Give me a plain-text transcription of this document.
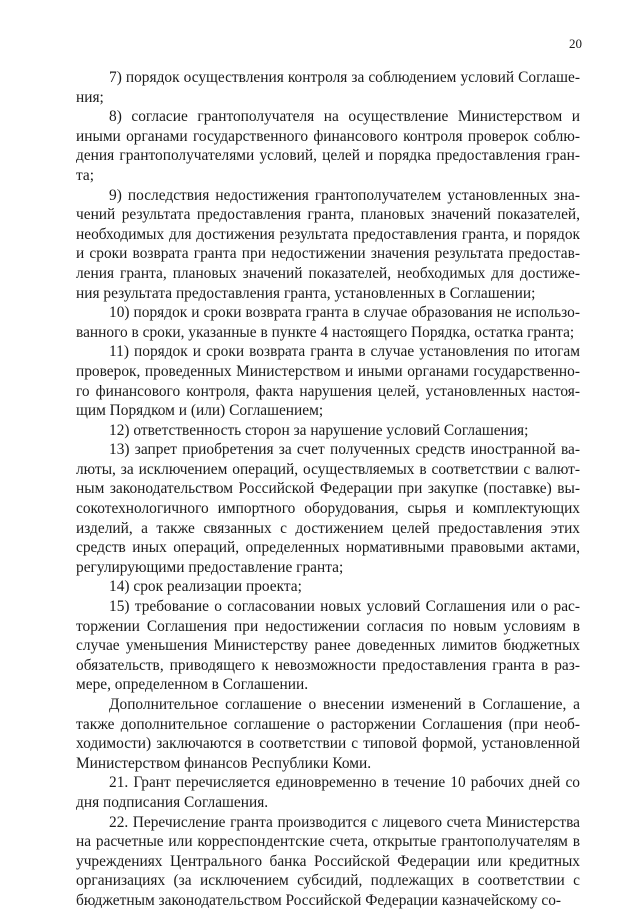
20

7) порядок осуществления контроля за соблюдением условий Соглашения;

8) согласие грантополучателя на осуществление Министерством и иными органами государственного финансового контроля проверок соблюдения грантополучателями условий, целей и порядка предоставления гранта;

9) последствия недостижения грантополучателем установленных значений результата предоставления гранта, плановых значений показателей, необходимых для достижения результата предоставления гранта, и порядок и сроки возврата гранта при недостижении значения результата предоставления гранта, плановых значений показателей, необходимых для достижения результата предоставления гранта, установленных в Соглашении;

10) порядок и сроки возврата гранта в случае образования не использованного в сроки, указанные в пункте 4 настоящего Порядка, остатка гранта;

11) порядок и сроки возврата гранта в случае установления по итогам проверок, проведенных Министерством и иными органами государственного финансового контроля, факта нарушения целей, установленных настоящим Порядком и (или) Соглашением;

12) ответственность сторон за нарушение условий Соглашения;

13) запрет приобретения за счет полученных средств иностранной валюты, за исключением операций, осуществляемых в соответствии с валютным законодательством Российской Федерации при закупке (поставке) высокотехнологичного импортного оборудования, сырья и комплектующих изделий, а также связанных с достижением целей предоставления этих средств иных операций, определенных нормативными правовыми актами, регулирующими предоставление гранта;

14) срок реализации проекта;

15) требование о согласовании новых условий Соглашения или о расторжении Соглашения при недостижении согласия по новым условиям в случае уменьшения Министерству ранее доведенных лимитов бюджетных обязательств, приводящего к невозможности предоставления гранта в размере, определенном в Соглашении.

Дополнительное соглашение о внесении изменений в Соглашение, а также дополнительное соглашение о расторжении Соглашения (при необходимости) заключаются в соответствии с типовой формой, установленной Министерством финансов Республики Коми.

21. Грант перечисляется единовременно в течение 10 рабочих дней со дня подписания Соглашения.

22. Перечисление гранта производится с лицевого счета Министерства на расчетные или корреспондентские счета, открытые грантополучателям в учреждениях Центрального банка Российской Федерации или кредитных организациях (за исключением субсидий, подлежащих в соответствии с бюджетным законодательством Российской Федерации казначейскому со-
